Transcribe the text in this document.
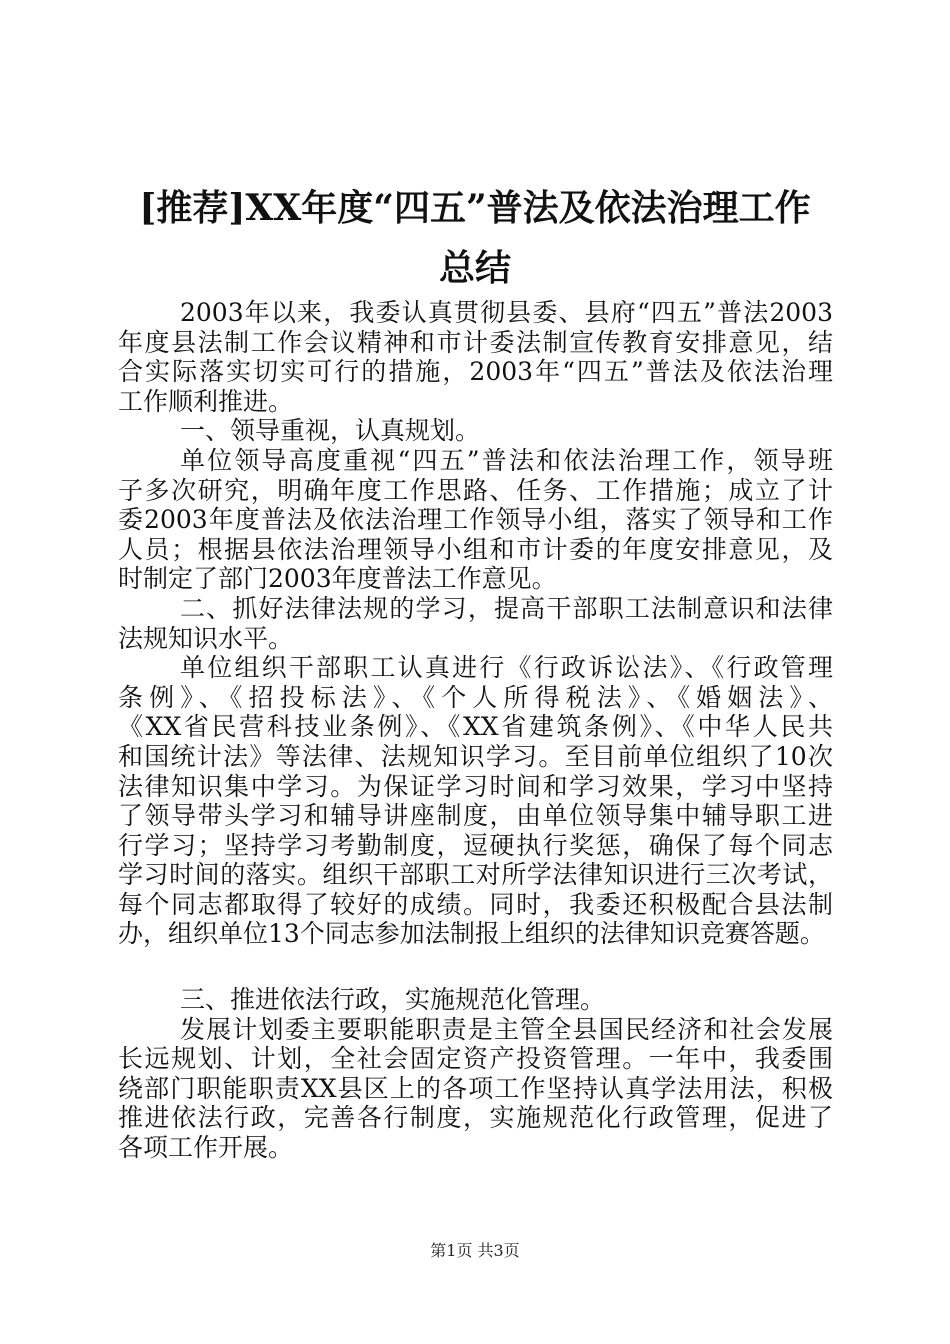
[推荐]XX年度“四五”普法及依法治理工作
总结
2003年以来，我委认真贯彻县委、县府“四五”普法2003
年度县法制工作会议精神和市计委法制宣传教育安排意见，结
合实际落实切实可行的措施，2003年“四五”普法及依法治理
工作顺利推进。
一、领导重视，认真规划。
单位领导高度重视“四五”普法和依法治理工作，领导班
子多次研究，明确年度工作思路、任务、工作措施；成立了计
委2003年度普法及依法治理工作领导小组，落实了领导和工作
人员；根据县依法治理领导小组和市计委的年度安排意见，及
时制定了部门2003年度普法工作意见。
二、抓好法律法规的学习，提高干部职工法制意识和法律
法规知识水平。
单位组织干部职工认真进行《行政诉讼法》、《行政管理
条例》、《招投标法》、《个人所得税法》、《婚姻法》、
《XX省民营科技业条例》、《XX省建筑条例》、《中华人民共
和国统计法》等法律、法规知识学习。至目前单位组织了10次
法律知识集中学习。为保证学习时间和学习效果，学习中坚持
了领导带头学习和辅导讲座制度，由单位领导集中辅导职工进
行学习；坚持学习考勤制度，逗硬执行奖惩，确保了每个同志
学习时间的落实。组织干部职工对所学法律知识进行三次考试，
每个同志都取得了较好的成绩。同时，我委还积极配合县法制
办，组织单位13个同志参加法制报上组织的法律知识竞赛答题。
三、推进依法行政，实施规范化管理。
发展计划委主要职能职责是主管全县国民经济和社会发展
长远规划、计划，全社会固定资产投资管理。一年中，我委围
绕部门职能职责XX县区上的各项工作坚持认真学法用法，积极
推进依法行政，完善各行制度，实施规范化行政管理，促进了
各项工作开展。
第1页 共3页
